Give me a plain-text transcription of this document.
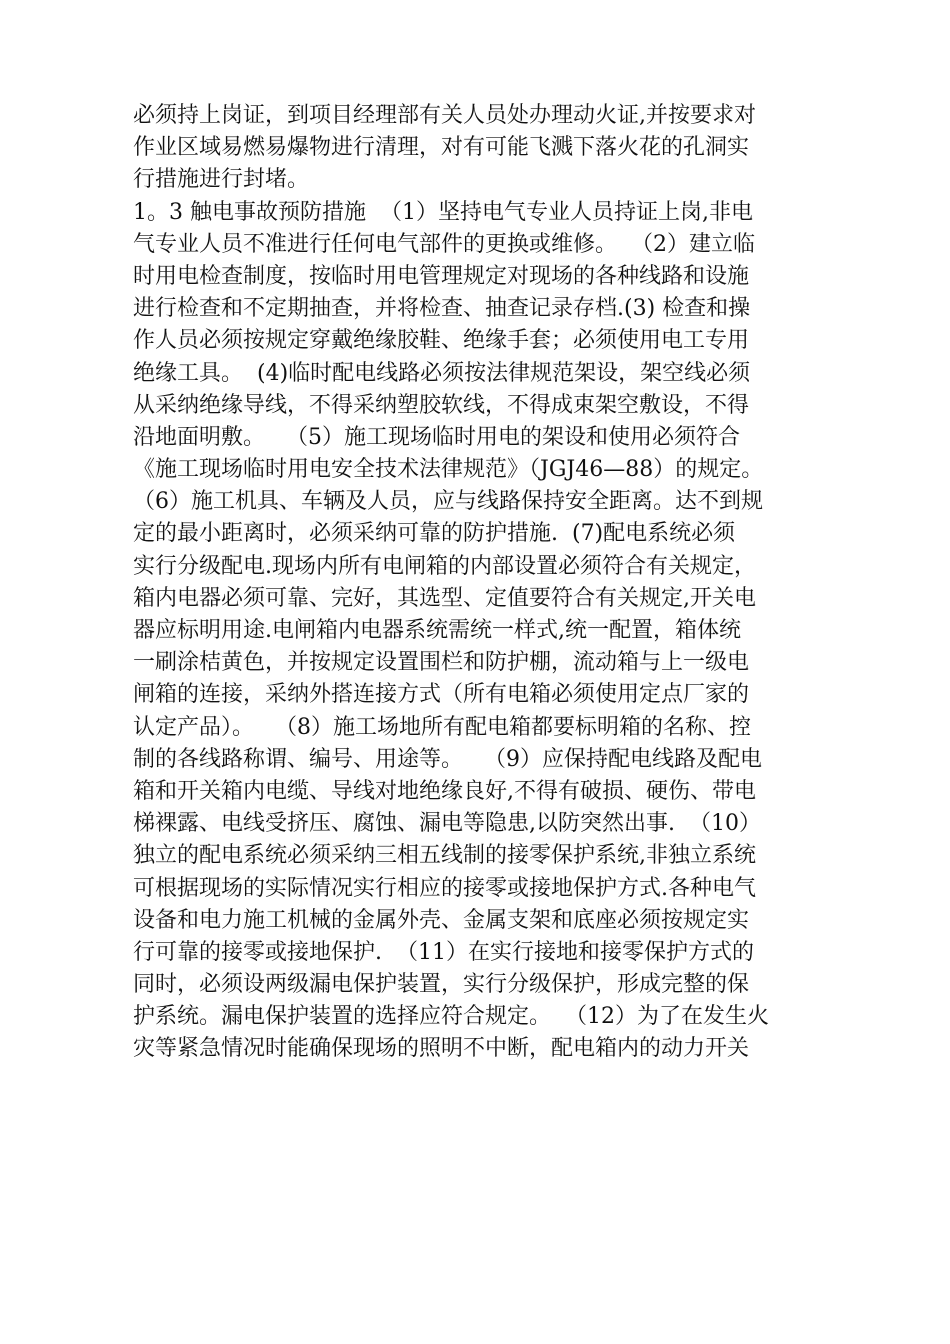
必须持上岗证，到项目经理部有关人员处办理动火证,并按要求对
作业区域易燃易爆物进行清理，对有可能飞溅下落火花的孔洞实
行措施进行封堵。
1。3 触电事故预防措施  （1）坚持电气专业人员持证上岗,非电
气专业人员不准进行任何电气部件的更换或维修。  （2）建立临
时用电检查制度，按临时用电管理规定对现场的各种线路和设施
进行检查和不定期抽查，并将检查、抽查记录存档.(3) 检查和操
作人员必须按规定穿戴绝缘胶鞋、绝缘手套；必须使用电工专用
绝缘工具。  (4)临时配电线路必须按法律规范架设，架空线必须
从采纳绝缘导线，不得采纳塑胶软线，不得成束架空敷设，不得
沿地面明敷。   （5）施工现场临时用电的架设和使用必须符合
《施工现场临时用电安全技术法律规范》（JGJ46—88）的规定。
（6）施工机具、车辆及人员，应与线路保持安全距离。达不到规
定的最小距离时，必须采纳可靠的防护措施.  (7)配电系统必须
实行分级配电.现场内所有电闸箱的内部设置必须符合有关规定，
箱内电器必须可靠、完好，其选型、定值要符合有关规定,开关电
器应标明用途.电闸箱内电器系统需统一样式,统一配置，箱体统
一刷涂桔黄色，并按规定设置围栏和防护棚，流动箱与上一级电
闸箱的连接，采纳外搭连接方式（所有电箱必须使用定点厂家的
认定产品）。   （8）施工场地所有配电箱都要标明箱的名称、控
制的各线路称谓、编号、用途等。   （9）应保持配电线路及配电
箱和开关箱内电缆、导线对地绝缘良好,不得有破损、硬伤、带电
梯裸露、电线受挤压、腐蚀、漏电等隐患,以防突然出事.  （10）
独立的配电系统必须采纳三相五线制的接零保护系统,非独立系统
可根据现场的实际情况实行相应的接零或接地保护方式.各种电气
设备和电力施工机械的金属外壳、金属支架和底座必须按规定实
行可靠的接零或接地保护.  （11）在实行接地和接零保护方式的
同时，必须设两级漏电保护装置，实行分级保护，形成完整的保
护系统。漏电保护装置的选择应符合规定。  （12）为了在发生火
灾等紧急情况时能确保现场的照明不中断，配电箱内的动力开关
